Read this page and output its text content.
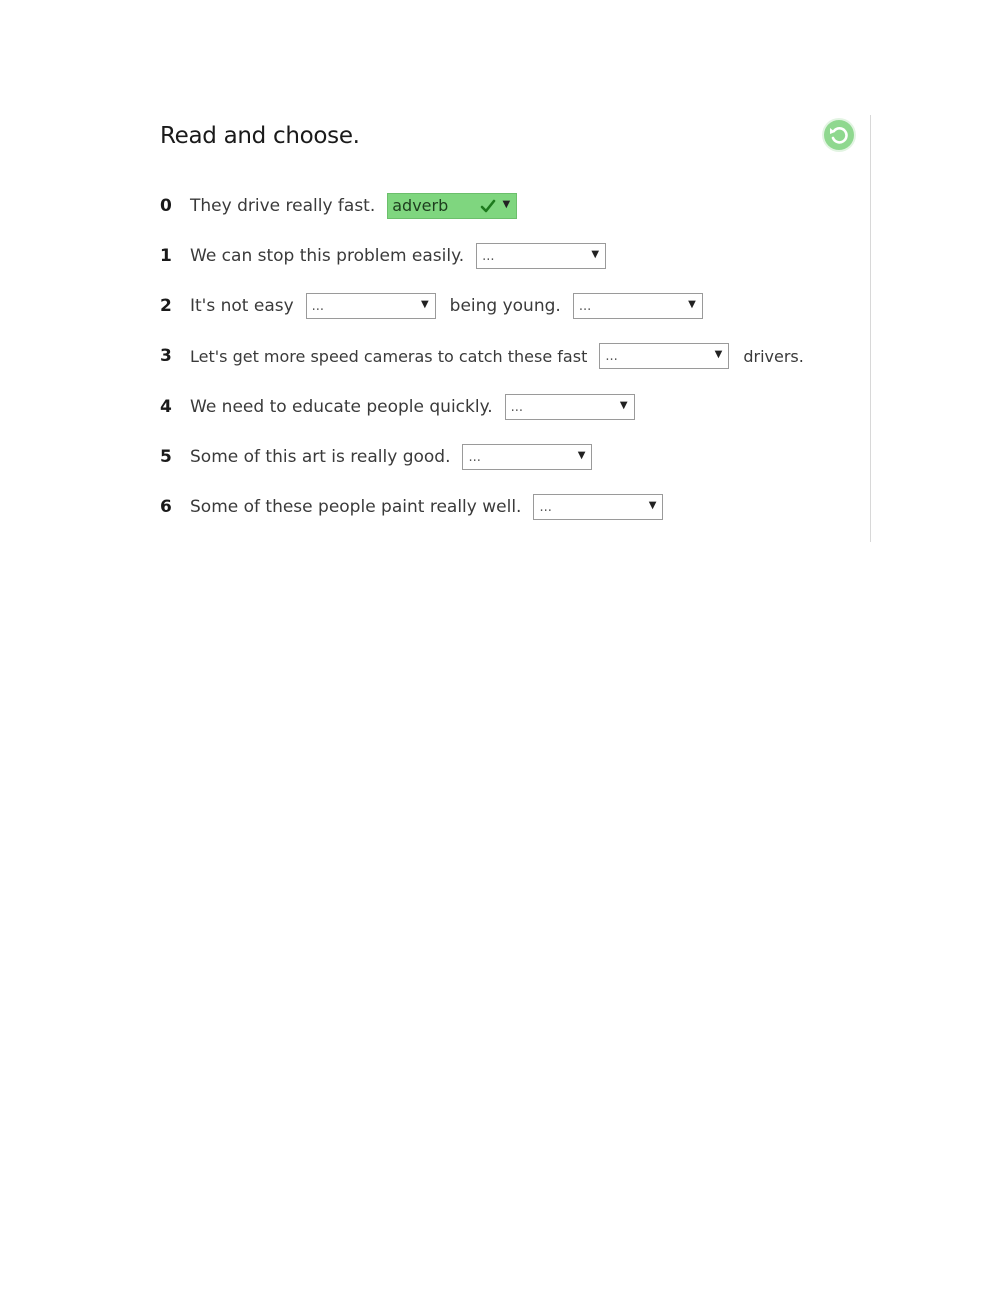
Read and choose.
0	They drive really fast. adverb	▼
1	We can stop this problem easily. ...	▼
2	It's not easy ...	▼ being young. ...	▼
3	Let's get more speed cameras to catch these fast ...	▼ drivers.
4	We need to educate people quickly. ...	▼
5	Some of this art is really good. ...	▼
6	Some of these people paint really well. ...	▼
